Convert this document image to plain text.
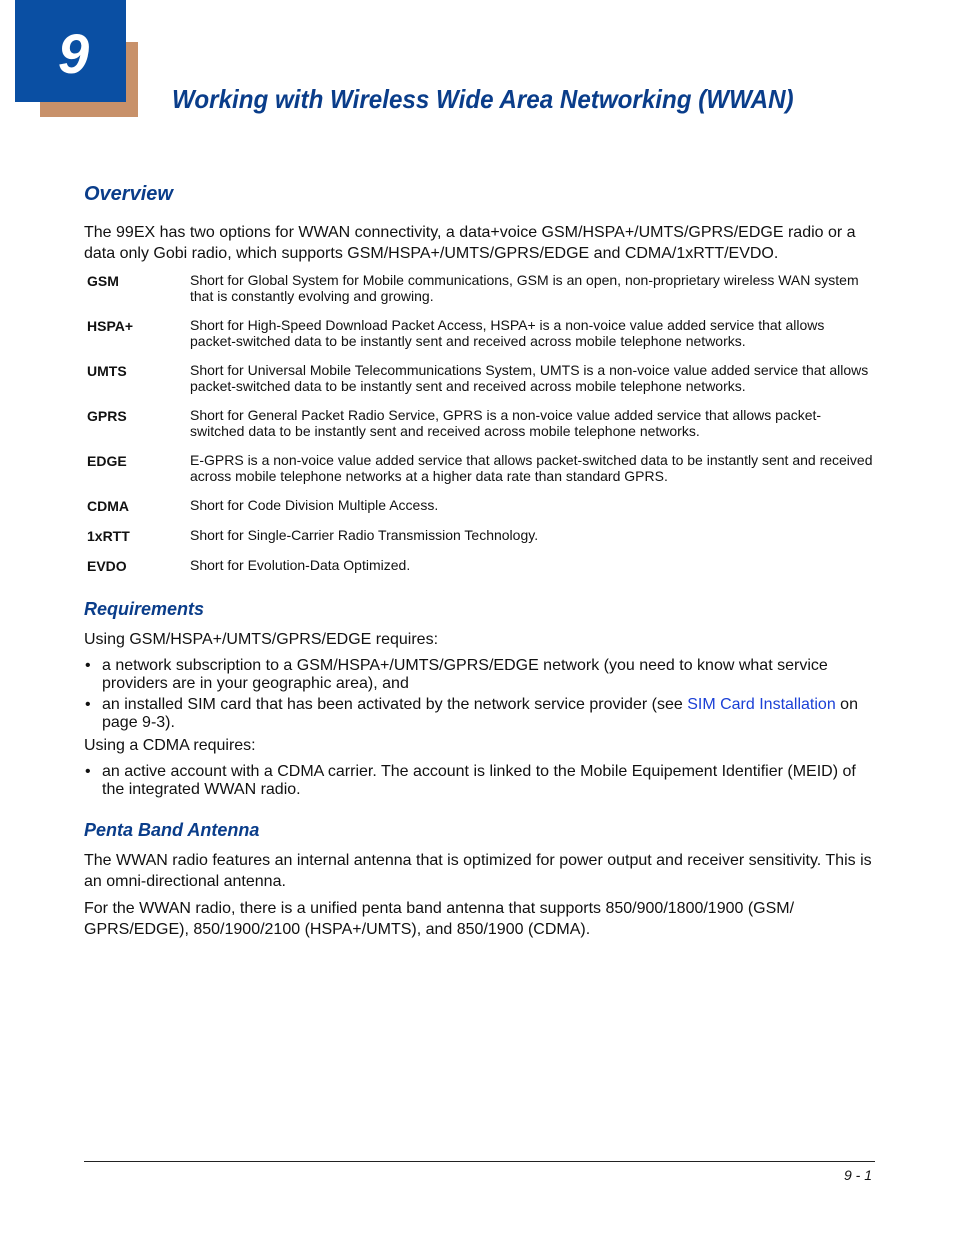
9
Working with Wireless Wide Area Networking (WWAN)
Overview

The 99EX has two options for WWAN connectivity, a data+voice GSM/HSPA+/UMTS/GPRS/EDGE radio or a data only Gobi radio, which supports GSM/HSPA+/UMTS/GPRS/EDGE and CDMA/1xRTT/EVDO.

GSM	Short for Global System for Mobile communications, GSM is an open, non-proprietary wireless WAN system that is constantly evolving and growing.
HSPA+	Short for High-Speed Download Packet Access, HSPA+ is a non-voice value added service that allows packet-switched data to be instantly sent and received across mobile telephone networks.
UMTS	Short for Universal Mobile Telecommunications System, UMTS is a non-voice value added service that allows packet-switched data to be instantly sent and received across mobile telephone networks.
GPRS	Short for General Packet Radio Service, GPRS is a non-voice value added service that allows packet-switched data to be instantly sent and received across mobile telephone networks.
EDGE	E-GPRS is a non-voice value added service that allows packet-switched data to be instantly sent and received across mobile telephone networks at a higher data rate than standard GPRS.
CDMA	Short for Code Division Multiple Access.
1xRTT	Short for Single-Carrier Radio Transmission Technology.
EVDO	Short for Evolution-Data Optimized.
Requirements

Using GSM/HSPA+/UMTS/GPRS/EDGE requires:

• a network subscription to a GSM/HSPA+/UMTS/GPRS/EDGE network (you need to know what service providers are in your geographic area), and
• an installed SIM card that has been activated by the network service provider (see SIM Card Installation on page 9-3).

Using a CDMA requires:

• an active account with a CDMA carrier. The account is linked to the Mobile Equipement Identifier (MEID) of the integrated WWAN radio.
Penta Band Antenna

The WWAN radio features an internal antenna that is optimized for power output and receiver sensitivity. This is an omni-directional antenna.

For the WWAN radio, there is a unified penta band antenna that supports 850/900/1800/1900 (GSM/ GPRS/EDGE), 850/1900/2100 (HSPA+/UMTS), and 850/1900 (CDMA).

9 - 1
